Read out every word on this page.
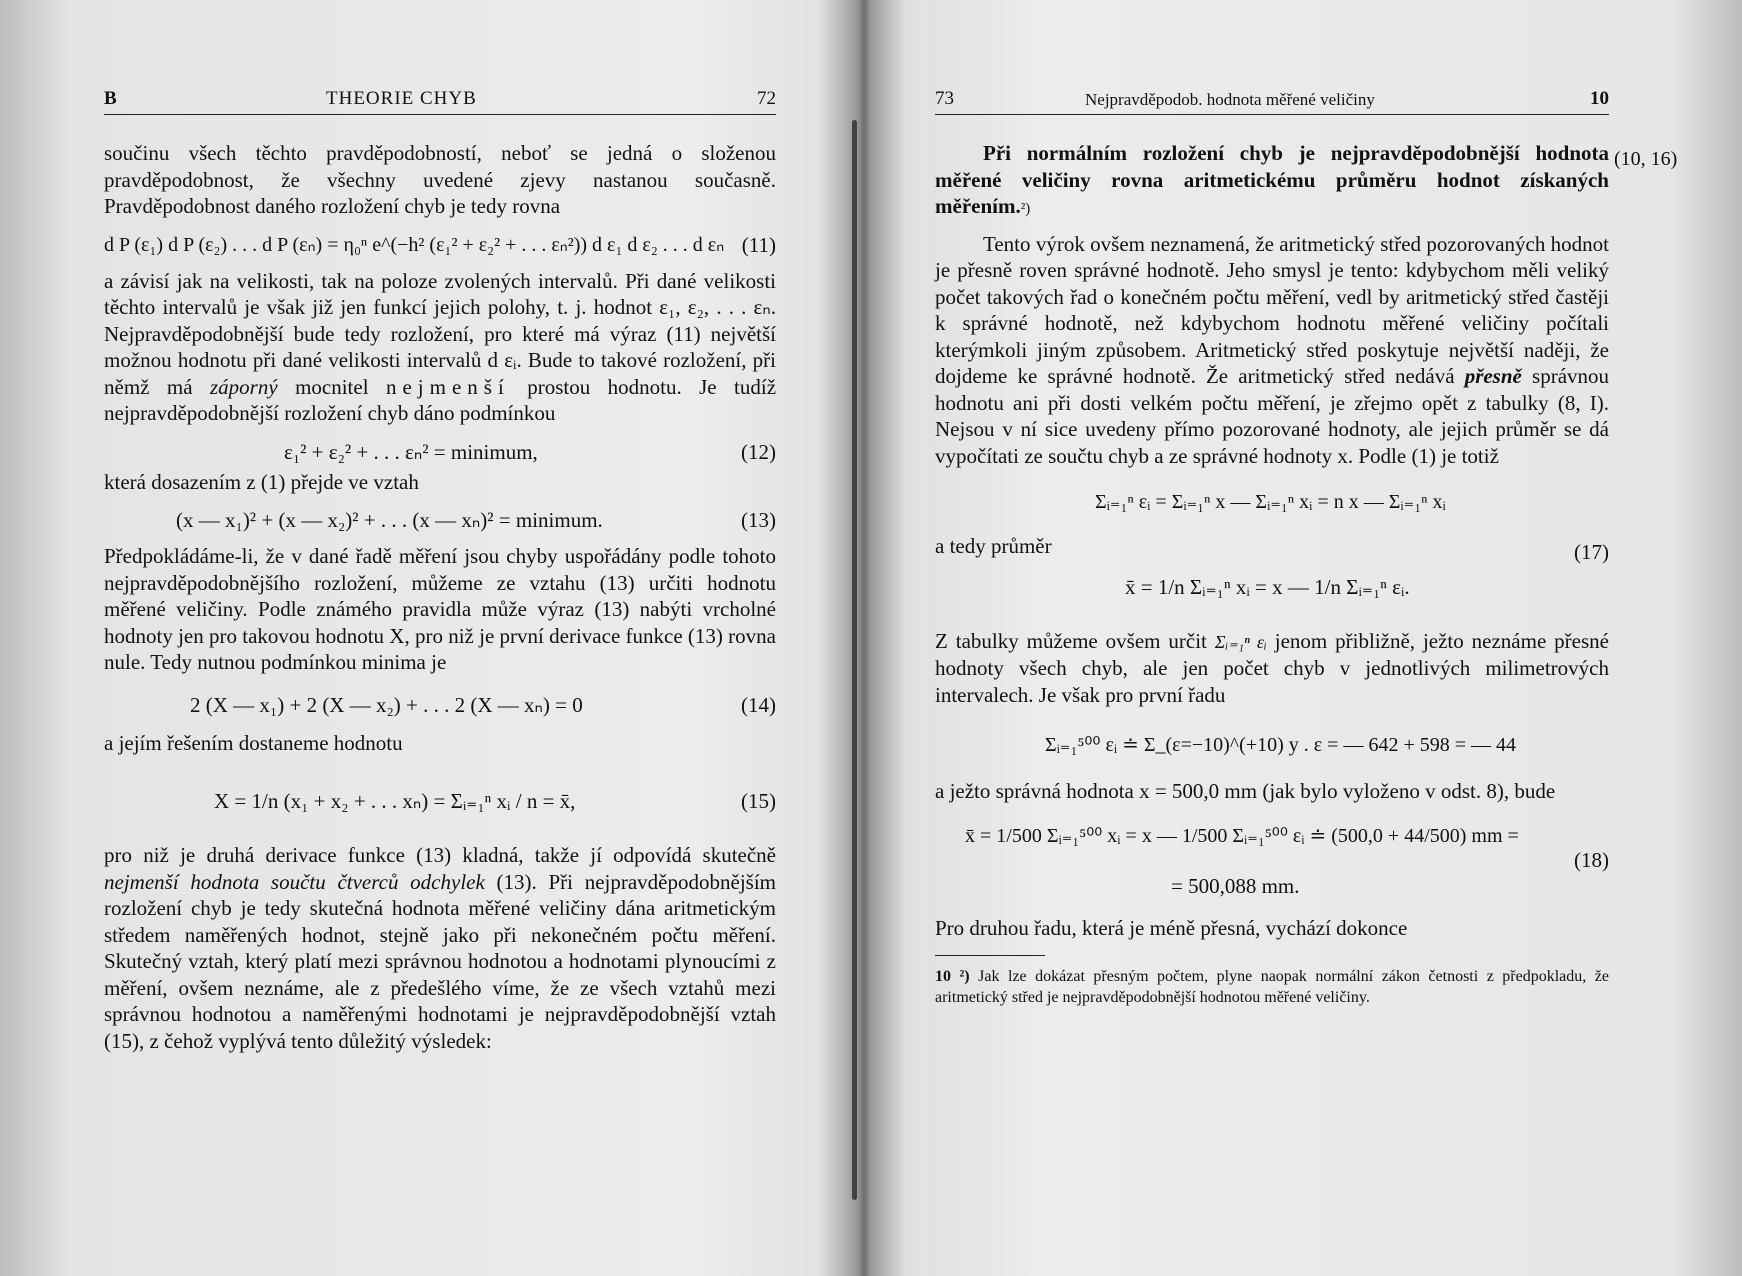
B	THEORIE CHYB	72

součinu všech těchto pravděpodobností, neboť se jedná o složenou pravděpodobnost, že všechny uvedené zjevy nastanou současně. Pravděpodobnost daného rozložení chyb je tedy rovna

d P (ε₁) d P (ε₂) . . . d P (εₙ) = η₀ⁿ e^(−h² (ε₁² + ε₂² + . . . εₙ²)) d ε₁ d ε₂ . . . d εₙ (11)

a závisí jak na velikosti, tak na poloze zvolených intervalů. Při dané velikosti těchto intervalů je však již jen funkcí jejich polohy, t. j. hodnot ε₁, ε₂, . . . εₙ. Nejpravděpodobnější bude tedy rozložení, pro které má výraz (11) největší možnou hodnotu při dané velikosti intervalů d εᵢ. Bude to takové rozložení, při němž má záporný mocnitel nejmenší prostou hodnotu. Je tudíž nejpravděpodobnější rozložení chyb dáno podmínkou

ε₁² + ε₂² + . . . εₙ² = minimum,	(12)

která dosazením z (1) přejde ve vztah

(x — x₁)² + (x — x₂)² + . . . (x — xₙ)² = minimum.	(13)

Předpokládáme-li, že v dané řadě měření jsou chyby uspořádány podle tohoto nejpravděpodobnějšího rozložení, můžeme ze vztahu (13) určiti hodnotu měřené veličiny. Podle známého pravidla může výraz (13) nabýti vrcholné hodnoty jen pro takovou hodnotu X, pro niž je první derivace funkce (13) rovna nule. Tedy nutnou podmínkou minima je

2 (X — x₁) + 2 (X — x₂) + . . . 2 (X — xₙ) = 0	(14)

a jejím řešením dostaneme hodnotu

X = 1/n (x₁ + x₂ + . . . xₙ) = Σᵢ₌₁ⁿ xᵢ / n = x̄,	(15)

pro niž je druhá derivace funkce (13) kladná, takže jí odpovídá skutečně nejmenší hodnota součtu čtverců odchylek (13). Při nejpravděpodobnějším rozložení chyb je tedy skutečná hodnota měřené veličiny dána aritmetickým středem naměřených hodnot, stejně jako při nekonečném počtu měření. Skutečný vztah, který platí mezi správnou hodnotou a hodnotami plynoucími z měření, ovšem neznáme, ale z předešlého víme, že ze všech vztahů mezi správnou hodnotou a naměřenými hodnotami je nejpravděpodobnější vztah (15), z čehož vyplývá tento důležitý výsledek:

73	Nejpravděpodob. hodnota měřené veličiny	10
(10, 16)

Při normálním rozložení chyb je nejpravděpodobnější hodnota měřené veličiny rovna aritmetickému průměru hodnot získaných měřením.²)

Tento výrok ovšem neznamená, že aritmetický střed pozorovaných hodnot je přesně roven správné hodnotě. Jeho smysl je tento: kdybychom měli veliký počet takových řad o konečném počtu měření, vedl by aritmetický střed častěji k správné hodnotě, než kdybychom hodnotu měřené veličiny počítali kterýmkoli jiným způsobem. Aritmetický střed poskytuje největší naději, že dojdeme ke správné hodnotě. Že aritmetický střed nedává přesně správnou hodnotu ani při dosti velkém počtu měření, je zřejmo opět z tabulky (8, I). Nejsou v ní sice uvedeny přímo pozorované hodnoty, ale jejich průměr se dá vypočítati ze součtu chyb a ze správné hodnoty x. Podle (1) je totiž

Σᵢ₌₁ⁿ εᵢ = Σᵢ₌₁ⁿ x — Σᵢ₌₁ⁿ xᵢ = n x — Σᵢ₌₁ⁿ xᵢ

a tedy průměr	(17)
x̄ = 1/n Σᵢ₌₁ⁿ xᵢ = x — 1/n Σᵢ₌₁ⁿ εᵢ.

Z tabulky můžeme ovšem určit Σᵢ₌₁ⁿ εᵢ jenom přibližně, ježto neznáme přesné hodnoty všech chyb, ale jen počet chyb v jednotlivých milimetrových intervalech. Je však pro první řadu

Σᵢ₌₁⁵⁰⁰ εᵢ ≐ Σ_(ε=−10)^(+10) y . ε = — 642 + 598 = — 44

a ježto správná hodnota x = 500,0 mm (jak bylo vyloženo v odst. 8), bude

x̄ = 1/500 Σᵢ₌₁⁵⁰⁰ xᵢ = x — 1/500 Σᵢ₌₁⁵⁰⁰ εᵢ ≐ (500,0 + 44/500) mm =
= 500,088 mm.
(18)

Pro druhou řadu, která je méně přesná, vychází dokonce

10 ²) Jak lze dokázat přesným počtem, plyne naopak normální zákon četnosti z předpokladu, že aritmetický střed je nejpravděpodobnější hodnotou měřené veličiny.
